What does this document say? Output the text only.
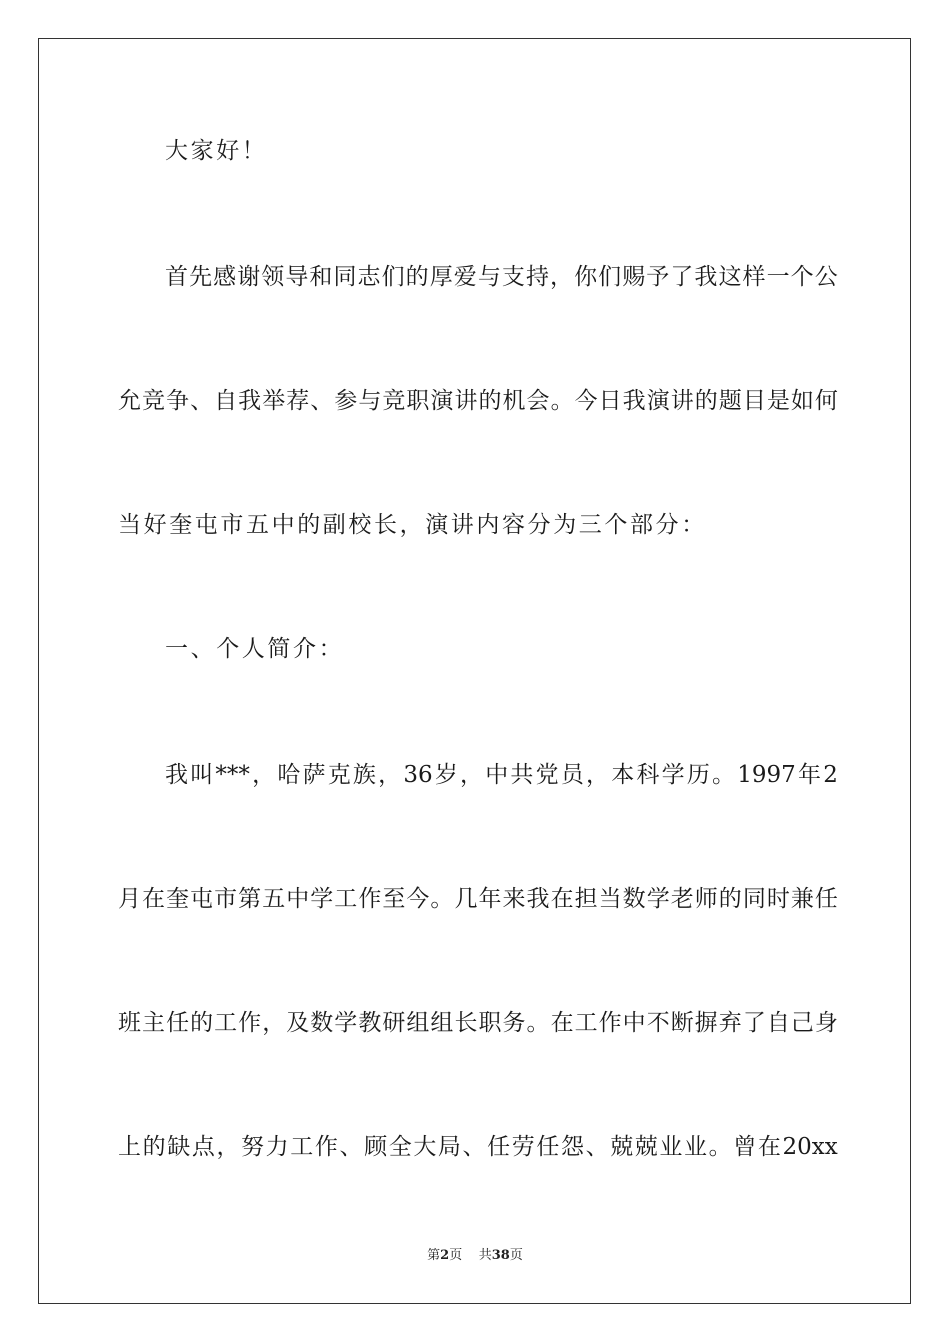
大家好！
首 先 感 谢 领 导 和 同 志 们 的 厚 爱 与 支 持 ， 你 们 赐 予 了 我 这 样 一 个 公
允 竞 争 、 自 我 举 荐 、 参 与 竞 职 演 讲 的 机 会 。 今 日 我 演 讲 的 题 目 是 如 何
当好奎屯市五中的副校长，演讲内容分为三个部分：
一、个人简介：
我 叫 *** ， 哈 萨 克 族 ， 36 岁 ， 中 共 党 员 ， 本 科 学 历 。 1997 年 2
月 在 奎 屯 市 第 五 中 学 工 作 至 今 。 几 年 来 我 在 担 当 数 学 老 师 的 同 时 兼 任
班 主 任 的 工 作 ， 及 数 学 教 研 组 组 长 职 务 。 在 工 作 中 不 断 摒 弃 了 自 己 身
上 的 缺 点 ， 努 力 工 作 、 顾 全 大 局 、 任 劳 任 怨 、 兢 兢 业 业 。 曾 在 20xx
第2页 共38页
